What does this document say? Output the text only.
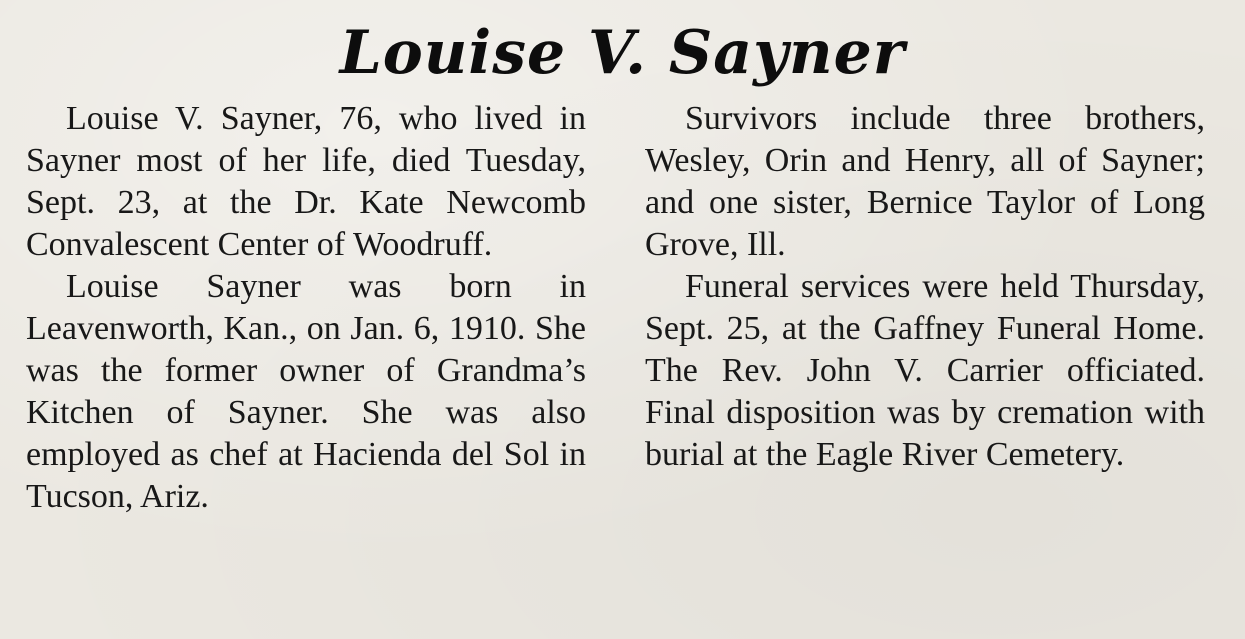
Louise V. Sayner

Louise V. Sayner, 76, who lived in Sayner most of her life, died Tuesday, Sept. 23, at the Dr. Kate Newcomb Convalescent Center of Woodruff.

Louise Sayner was born in Leavenworth, Kan., on Jan. 6, 1910. She was the former owner of Grandma’s Kitchen of Sayner. She was also employed as chef at Hacienda del Sol in Tucson, Ariz.

Survivors include three brothers, Wesley, Orin and Henry, all of Sayner; and one sister, Bernice Taylor of Long Grove, Ill.

Funeral services were held Thursday, Sept. 25, at the Gaffney Funeral Home. The Rev. John V. Carrier officiated. Final disposition was by cremation with burial at the Eagle River Cemetery.
